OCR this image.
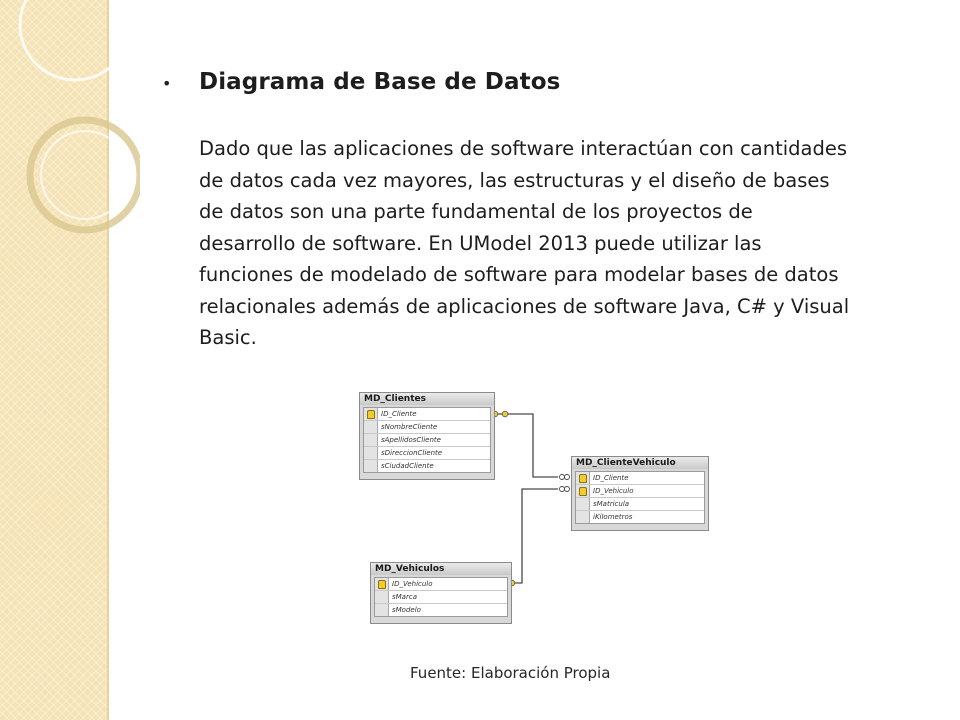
• Diagrama de Base de Datos

Dado que las aplicaciones de software interactúan con cantidades
de datos cada vez mayores, las estructuras y el diseño de bases
de datos son una parte fundamental de los proyectos de
desarrollo de software. En UModel 2013 puede utilizar las
funciones de modelado de software para modelar bases de datos
relacionales además de aplicaciones de software Java, C# y Visual
Basic.

MD_Clientes
ID_Cliente
sNombreCliente
sApellidosCliente
sDireccionCliente
sCiudadCliente	MD_ClienteVehiculo
ID_Cliente
ID_Vehiculo
sMatricula
iKilometros
MD_Vehiculos
ID_Vehiculo
sMarca
sModelo

Fuente: Elaboración Propia
